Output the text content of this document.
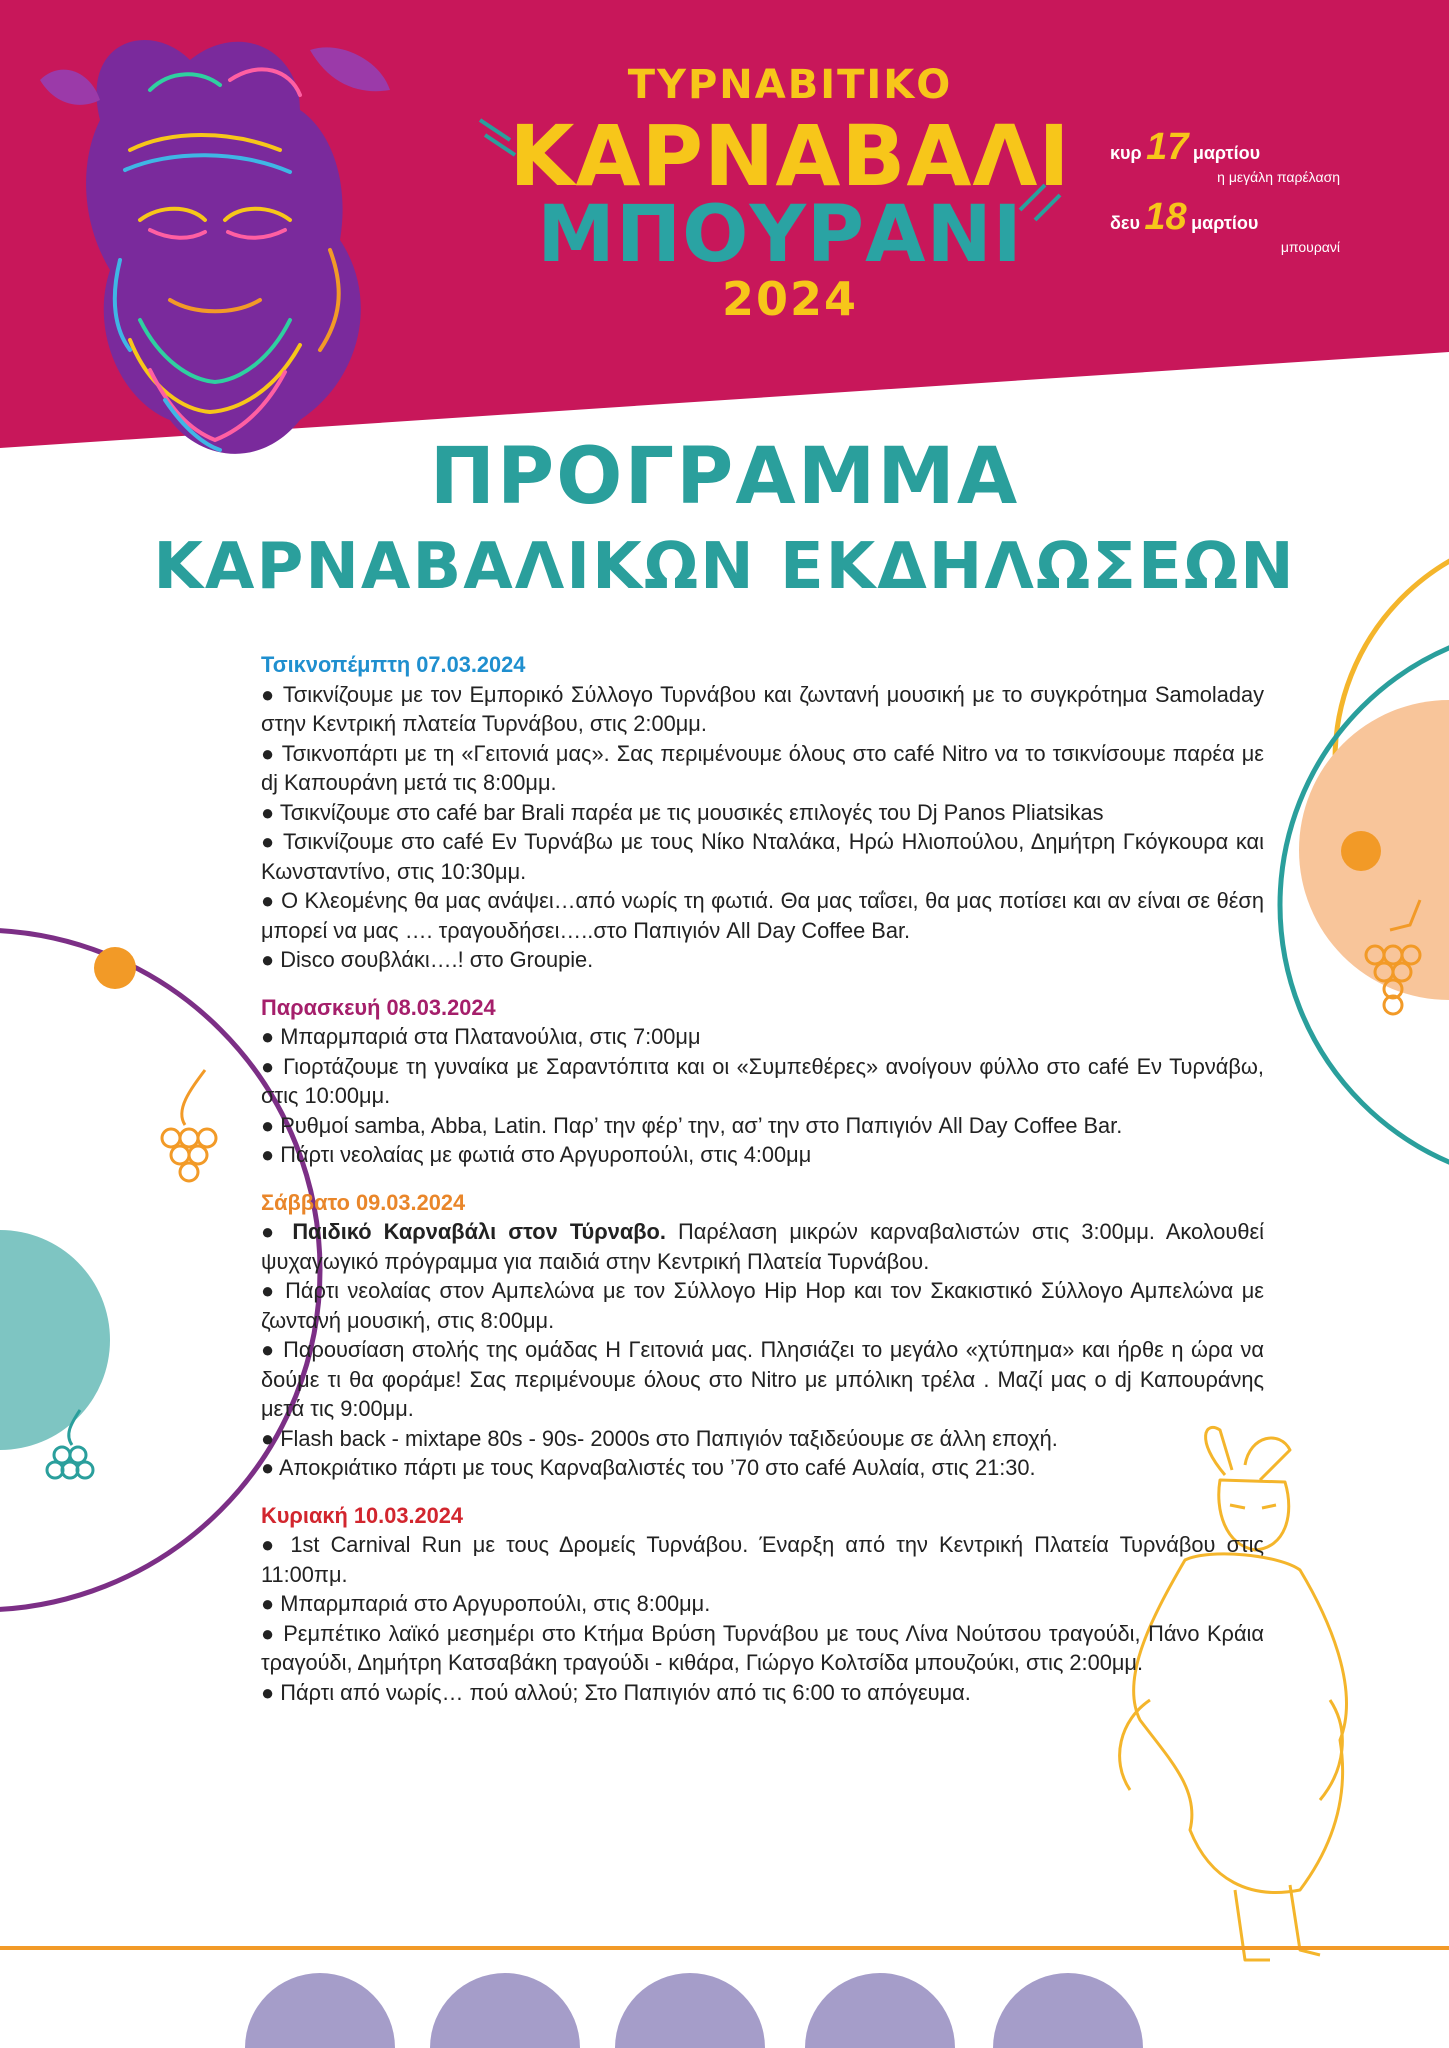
ΤΥΡΝΑΒΙΤΙΚΟ
ΚΑΡΝΑΒΑΛΙ
ΜΠΟΥΡΑΝΙ
2024
κυρ 17 μαρτίου
η μεγάλη παρέλαση
δευ 18 μαρτίου
μπουρανί
ΠΡΟΓΡΑΜΜΑ
ΚΑΡΝΑΒΑΛΙΚΩΝ ΕΚΔΗΛΩΣΕΩΝ
Τσικνοπέμπτη 07.03.2024

● Τσικνίζουμε με τον Εμπορικό Σύλλογο Τυρνάβου και ζωντανή μουσική με το συγκρότημα Samoladay στην Κεντρική πλατεία Τυρνάβου, στις 2:00μμ.

● Τσικνοπάρτι με τη «Γειτονιά μας». Σας περιμένουμε όλους στο café Nitro να το τσικνίσουμε παρέα με dj Καπουράνη μετά τις 8:00μμ.

● Τσικνίζουμε στο café bar Brali παρέα με τις μουσικές επιλογές του Dj Panos Pliatsikas

● Τσικνίζουμε στο café Εν Τυρνάβω με τους Νίκο Νταλάκα, Ηρώ Ηλιοπούλου, Δημήτρη Γκόγκουρα και Κωνσταντίνο, στις 10:30μμ.

● Ο Κλεομένης θα μας ανάψει…από νωρίς τη φωτιά. Θα μας ταΐσει, θα μας ποτίσει και αν είναι σε θέση μπορεί να μας …. τραγουδήσει…..στο Παπιγιόν All Day Coffee Bar.

● Disco σουβλάκι….! στο Groupie.

Παρασκευή 08.03.2024

● Μπαρμπαριά στα Πλατανούλια, στις 7:00μμ

● Γιορτάζουμε τη γυναίκα με Σαραντόπιτα και οι «Συμπεθέρες» ανοίγουν φύλλο στο café Εν Τυρνάβω, στις 10:00μμ.

● Ρυθμοί samba, Abba, Latin. Παρ’ την φέρ’ την, ασ’ την στο Παπιγιόν All Day Coffee Bar.

● Πάρτι νεολαίας με φωτιά στο Αργυροπούλι, στις 4:00μμ

Σάββατο 09.03.2024

● Παιδικό Καρναβάλι στον Τύρναβο. Παρέλαση μικρών καρναβαλιστών στις 3:00μμ. Ακολουθεί ψυχαγωγικό πρόγραμμα για παιδιά στην Κεντρική Πλατεία Τυρνάβου.

● Πάρτι νεολαίας στον Αμπελώνα με τον Σύλλογο Hip Hop και τον Σκακιστικό Σύλλογο Αμπελώνα με ζωντανή μουσική, στις 8:00μμ.

● Παρουσίαση στολής της ομάδας Η Γειτονιά μας. Πλησιάζει το μεγάλο «χτύπημα» και ήρθε η ώρα να δούμε τι θα φοράμε! Σας περιμένουμε όλους στο Nitro με μπόλικη τρέλα . Μαζί μας ο dj Καπουράνης μετά τις 9:00μμ.

● Flash back - mixtape 80s - 90s- 2000s στο Παπιγιόν ταξιδεύουμε σε άλλη εποχή.

● Αποκριάτικο πάρτι με τους Καρναβαλιστές του ’70 στο café Αυλαία, στις 21:30.

Κυριακή 10.03.2024

● 1st Carnival Run με τους Δρομείς Τυρνάβου. Έναρξη από την Κεντρική Πλατεία Τυρνάβου στις 11:00πμ.

● Μπαρμπαριά στο Αργυροπούλι, στις 8:00μμ.

● Ρεμπέτικο λαϊκό μεσημέρι στο Κτήμα Βρύση Τυρνάβου με τους Λίνα Νούτσου τραγούδι, Πάνο Κράια τραγούδι, Δημήτρη Κατσαβάκη τραγούδι - κιθάρα, Γιώργο Κολτσίδα μπουζούκι, στις 2:00μμ.

● Πάρτι από νωρίς… πού αλλού; Στο Παπιγιόν από τις 6:00 το απόγευμα.
